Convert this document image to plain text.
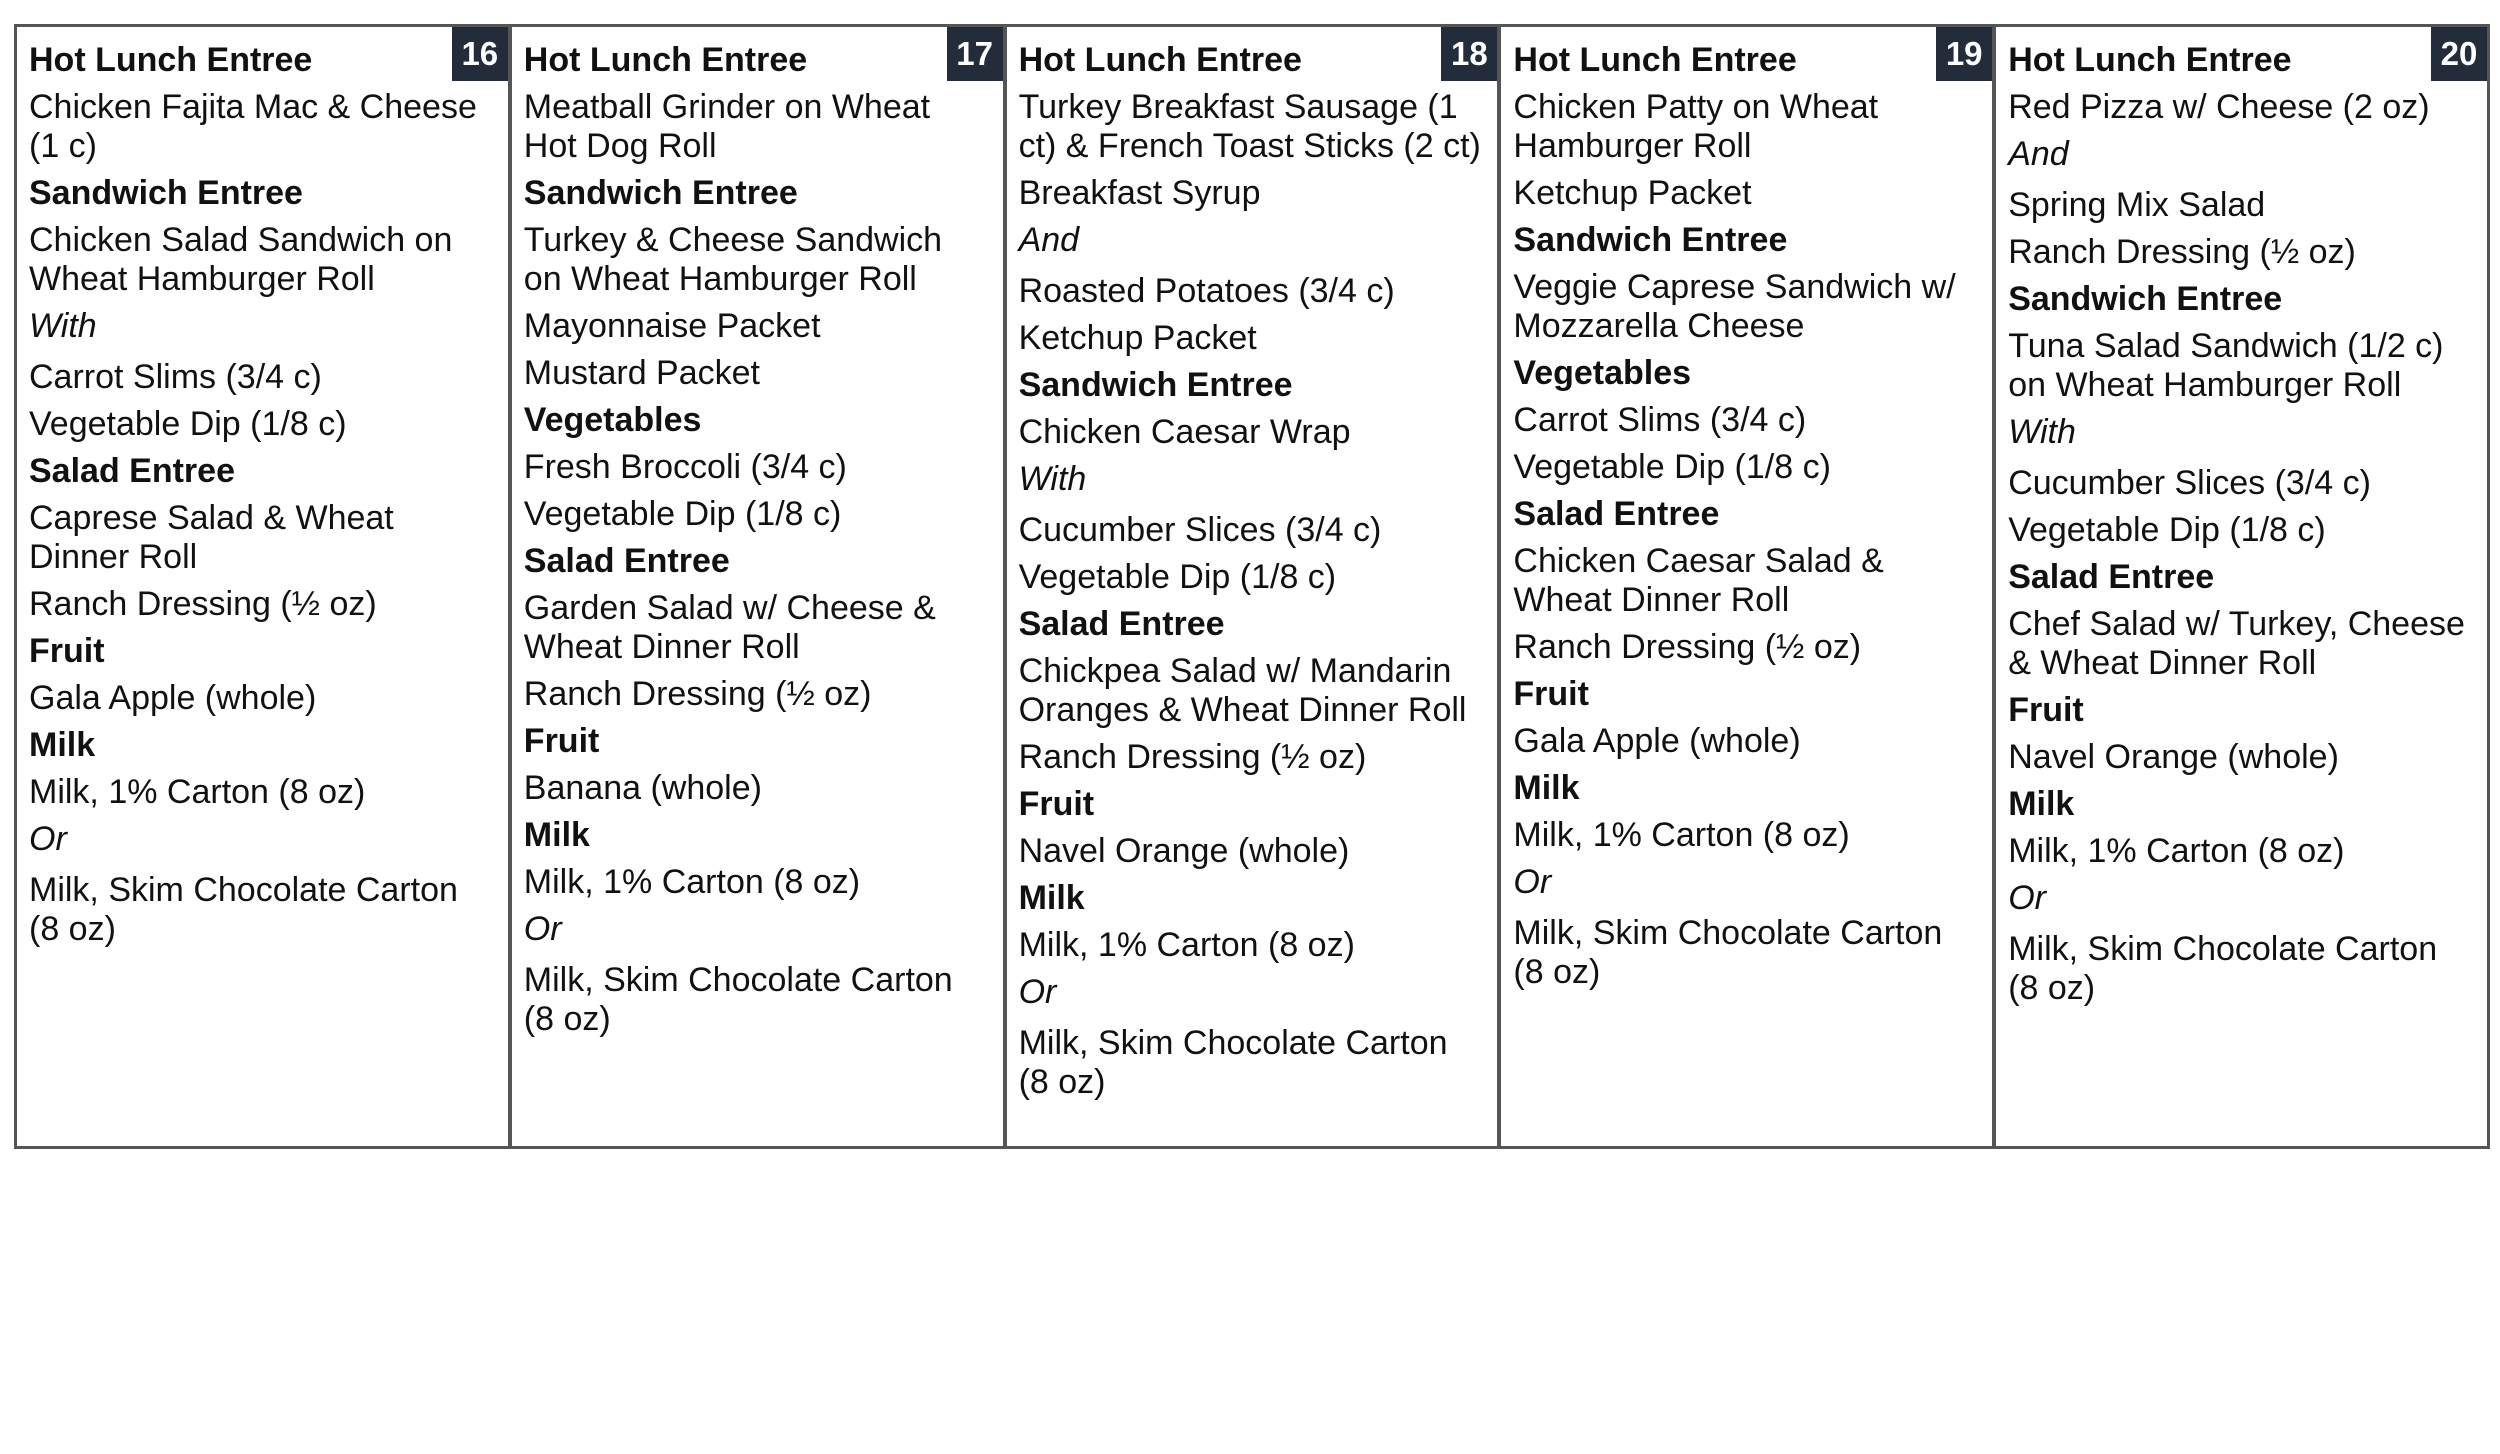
16
Hot Lunch Entree
Chicken Fajita Mac & Cheese (1 c)
Sandwich Entree
Chicken Salad Sandwich on Wheat Hamburger Roll
With
Carrot Slims (3/4 c)
Vegetable Dip (1/8 c)
Salad Entree
Caprese Salad & Wheat Dinner Roll
Ranch Dressing (½ oz)
Fruit
Gala Apple (whole)
Milk
Milk, 1% Carton (8 oz)
Or
Milk, Skim Chocolate Carton (8 oz)
17
Hot Lunch Entree
Meatball Grinder on Wheat Hot Dog Roll
Sandwich Entree
Turkey & Cheese Sandwich on Wheat Hamburger Roll
Mayonnaise Packet
Mustard Packet
Vegetables
Fresh Broccoli (3/4 c)
Vegetable Dip (1/8 c)
Salad Entree
Garden Salad w/ Cheese & Wheat Dinner Roll
Ranch Dressing (½ oz)
Fruit
Banana (whole)
Milk
Milk, 1% Carton (8 oz)
Or
Milk, Skim Chocolate Carton (8 oz)
18
Hot Lunch Entree
Turkey Breakfast Sausage (1 ct) & French Toast Sticks (2 ct)
Breakfast Syrup
And
Roasted Potatoes (3/4 c)
Ketchup Packet
Sandwich Entree
Chicken Caesar Wrap
With
Cucumber Slices (3/4 c)
Vegetable Dip (1/8 c)
Salad Entree
Chickpea Salad w/ Mandarin Oranges & Wheat Dinner Roll
Ranch Dressing (½ oz)
Fruit
Navel Orange (whole)
Milk
Milk, 1% Carton (8 oz)
Or
Milk, Skim Chocolate Carton (8 oz)
19
Hot Lunch Entree
Chicken Patty on Wheat Hamburger Roll
Ketchup Packet
Sandwich Entree
Veggie Caprese Sandwich w/ Mozzarella Cheese
Vegetables
Carrot Slims (3/4 c)
Vegetable Dip (1/8 c)
Salad Entree
Chicken Caesar Salad & Wheat Dinner Roll
Ranch Dressing (½ oz)
Fruit
Gala Apple (whole)
Milk
Milk, 1% Carton (8 oz)
Or
Milk, Skim Chocolate Carton (8 oz)
20
Hot Lunch Entree
Red Pizza w/ Cheese (2 oz)
And
Spring Mix Salad
Ranch Dressing (½ oz)
Sandwich Entree
Tuna Salad Sandwich (1/2 c) on Wheat Hamburger Roll
With
Cucumber Slices (3/4 c)
Vegetable Dip (1/8 c)
Salad Entree
Chef Salad w/ Turkey, Cheese & Wheat Dinner Roll
Fruit
Navel Orange (whole)
Milk
Milk, 1% Carton (8 oz)
Or
Milk, Skim Chocolate Carton (8 oz)
